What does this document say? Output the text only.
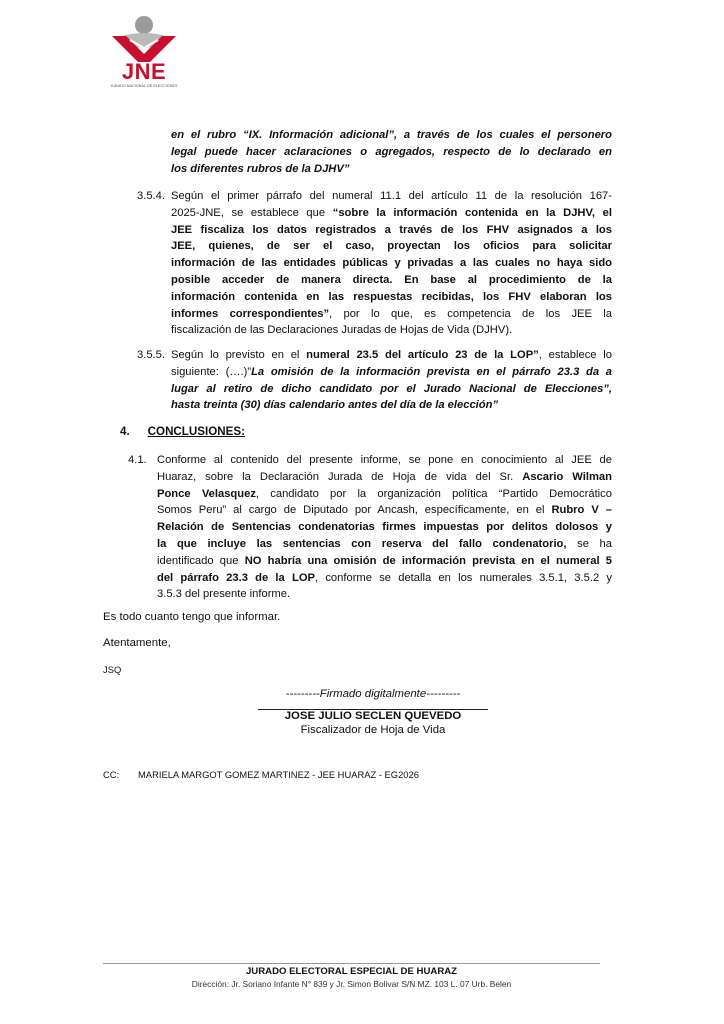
JNE
JURADO NACIONAL DE ELECCIONES
en el rubro “IX. Información adicional”, a través de los cuales el personero
legal puede hacer aclaraciones o agregados, respecto de lo declarado en
los diferentes rubros de la DJHV”
3.5.4. Según el primer párrafo del numeral 11.1 del artículo 11 de la resolución 167-
2025-JNE, se establece que “sobre la información contenida en la DJHV, el
JEE fiscaliza los datos registrados a través de los FHV asignados a los
JEE, quienes, de ser el caso, proyectan los oficios para solicitar
información de las entidades públicas y privadas a las cuales no haya sido
posible acceder de manera directa. En base al procedimiento de la
información contenida en las respuestas recibidas, los FHV elaboran los
informes correspondientes”, por lo que, es competencia de los JEE la
fiscalización de las Declaraciones Juradas de Hojas de Vida (DJHV).
3.5.5. Según lo previsto en el numeral 23.5 del artículo 23 de la LOP”, establece lo
siguiente: (….)”La omisión de la información prevista en el párrafo 23.3 da a
lugar al retiro de dicho candidato por el Jurado Nacional de Elecciones”,
hasta treinta (30) días calendario antes del día de la elección”
4. CONCLUSIONES:
4.1. Conforme al contenido del presente informe, se pone en conocimiento al JEE de
Huaraz, sobre la Declaración Jurada de Hoja de vida del Sr. Ascario Wilman
Ponce Velasquez, candidato por la organización política “Partido Democrático
Somos Peru” al cargo de Diputado por Ancash, específicamente, en el Rubro V –
Relación de Sentencias condenatorias firmes impuestas por delitos dolosos y
la que incluye las sentencias con reserva del fallo condenatorio, se ha
identificado que NO habría una omisión de información prevista en el numeral 5
del párrafo 23.3 de la LOP, conforme se detalla en los numerales 3.5.1, 3.5.2 y
3.5.3 del presente informe.
Es todo cuanto tengo que informar.
Atentamente,
JSQ
---------Firmado digitalmente---------
JOSE JULIO SECLEN QUEVEDO
Fiscalizador de Hoja de Vida
CC: MARIELA MARGOT GOMEZ MARTINEZ - JEE HUARAZ - EG2026
JURADO ELECTORAL ESPECIAL DE HUARAZ
Dirección: Jr. Soriano Infante N° 839 y Jr. Simon Bolivar S/N MZ. 103 L. 07 Urb. Belen
